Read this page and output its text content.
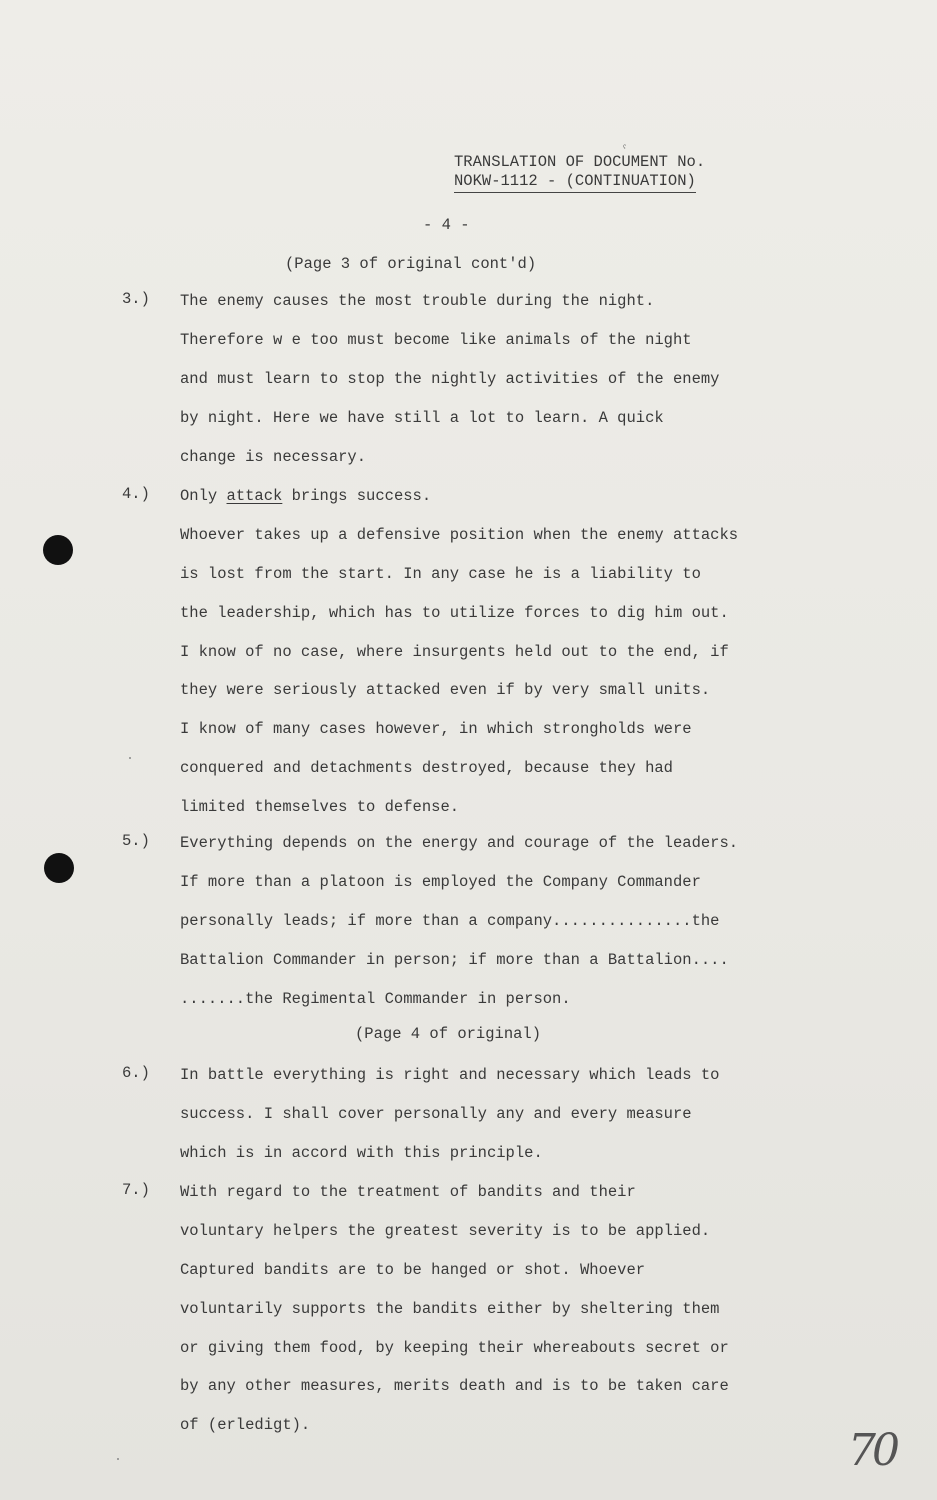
ˁ
TRANSLATION OF DOCUMENT No.
NOKW-1112 - (CONTINUATION)
- 4 -
(Page 3 of original cont'd)
3.)	The enemy causes the most trouble during the night.
Therefore w e too must become like animals of the night
and must learn to stop the nightly activities of the enemy
by night. Here we have still a lot to learn. A quick
change is necessary.
4.)	Only attack brings success.
Whoever takes up a defensive position when the enemy attacks
is lost from the start. In any case he is a liability to
the leadership, which has to utilize forces to dig him out.
I know of no case, where insurgents held out to the end, if
they were seriously attacked even if by very small units.
I know of many cases however, in which strongholds were
conquered and detachments destroyed, because they had
limited themselves to defense.
5.)	Everything depends on the energy and courage of the leaders.
If more than a platoon is employed the Company Commander
personally leads; if more than a company...............the
Battalion Commander in person; if more than a Battalion....
.......the Regimental Commander in person.
(Page 4 of original)
6.)	In battle everything is right and necessary which leads to
success. I shall cover personally any and every measure
which is in accord with this principle.
7.)	With regard to the treatment of bandits and their
voluntary helpers the greatest severity is to be applied.
Captured bandits are to be hanged or shot. Whoever
voluntarily supports the bandits either by sheltering them
or giving them food, by keeping their whereabouts secret or
by any other measures, merits death and is to be taken care
of (erledigt).	70
